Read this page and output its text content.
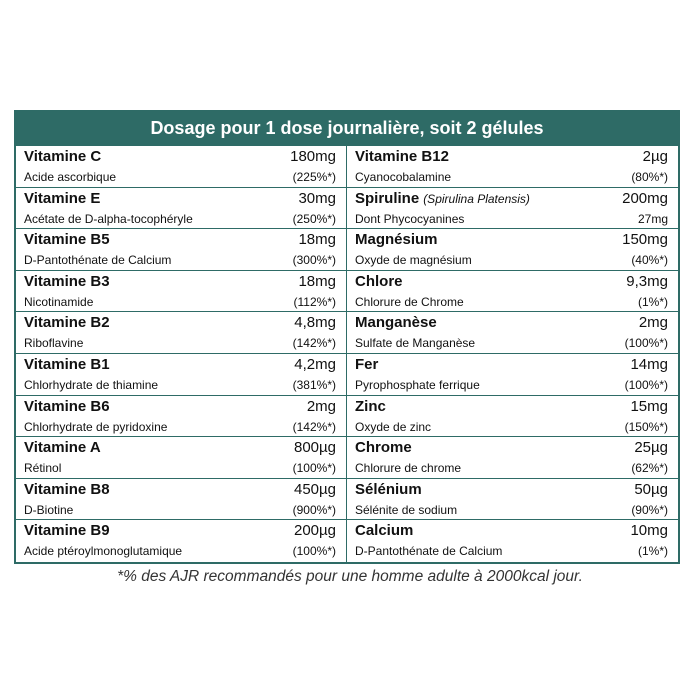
Dosage pour 1 dose journalière, soit 2 gélules
Vitamine C	180mg
Acide ascorbique	(225%*)
Vitamine B12	2µg
Cyanocobalamine	(80%*)
Vitamine E	30mg
Acétate de D-alpha-tocophéryle	(250%*)
Spiruline (Spirulina Platensis)	200mg
Dont Phycocyanines	27mg
Vitamine B5	18mg
D-Pantothénate de Calcium	(300%*)
Magnésium	150mg
Oxyde de magnésium	(40%*)
Vitamine B3	18mg
Nicotinamide	(112%*)
Chlore	9,3mg
Chlorure de Chrome	(1%*)
Vitamine B2	4,8mg
Riboflavine	(142%*)
Manganèse	2mg
Sulfate de Manganèse	(100%*)
Vitamine B1	4,2mg
Chlorhydrate de thiamine	(381%*)
Fer	14mg
Pyrophosphate ferrique	(100%*)
Vitamine B6	2mg
Chlorhydrate de pyridoxine	(142%*)
Zinc	15mg
Oxyde de zinc	(150%*)
Vitamine A	800µg
Rétinol	(100%*)
Chrome	25µg
Chlorure de chrome	(62%*)
Vitamine B8	450µg
D-Biotine	(900%*)
Sélénium	50µg
Sélénite de sodium	(90%*)
Vitamine B9	200µg
Acide ptéroylmonoglutamique	(100%*)
Calcium	10mg
D-Pantothénate de Calcium	(1%*)
*% des AJR recommandés pour une homme adulte à 2000kcal jour.
